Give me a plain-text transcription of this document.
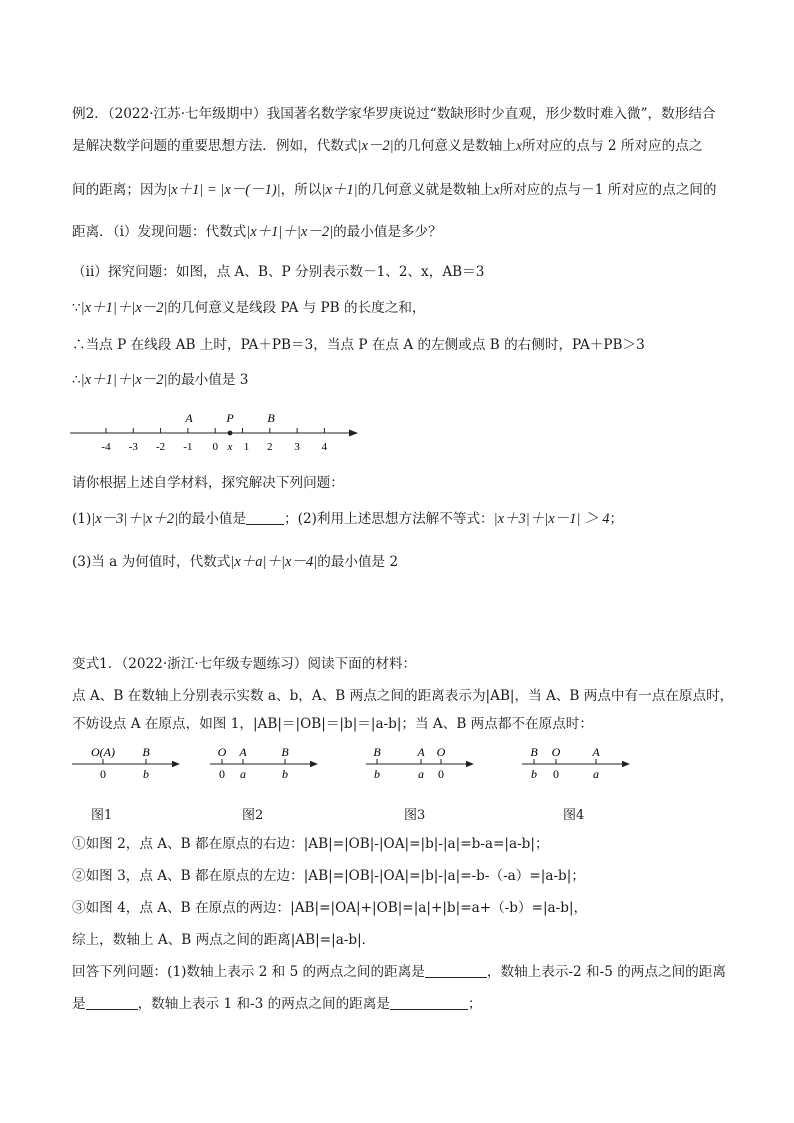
例2．（2022·江苏·七年级期中）我国著名数学家华罗庚说过“数缺形时少直观，形少数时难入微”，数形结合
是解决数学问题的重要思想方法．例如，代数式|x－2|的几何意义是数轴上x所对应的点与 2 所对应的点之
间的距离；因为|x＋1| = |x－(－1)|，所以|x＋1|的几何意义就是数轴上x所对应的点与－1 所对应的点之间的
距离．（ⅰ）发现问题：代数式|x＋1|＋|x－2|的最小值是多少？
（ⅱ）探究问题：如图，点 A、B、P 分别表示数－1、2、x，AB＝3
∵|x＋1|＋|x－2|的几何意义是线段 PA 与 PB 的长度之和，
∴当点 P 在线段 AB 上时，PA＋PB＝3，当点 P 在点 A 的左侧或点 B 的右侧时，PA＋PB＞3
∴|x＋1|＋|x－2|的最小值是 3
-4 -3 -2 -1 0 1 2 3 4
A	P	B
x
请你根据上述自学材料，探究解决下列问题：
(1)|x－3|＋|x＋2|的最小值是	；(2)利用上述思想方法解不等式：|x＋3|＋|x－1| ＞ 4；
(3)当 a 为何值时，代数式|x＋a|＋|x－4|的最小值是 2
变式1．（2022·浙江·七年级专题练习）阅读下面的材料：
点 A、B 在数轴上分别表示实数 a、b，A、B 两点之间的距离表示为|AB|，当 A、B 两点中有一点在原点时，
不妨设点 A 在原点，如图 1，|AB|＝|OB|＝|b|＝|a-b|；当 A、B 两点都不在原点时：
O(A) B
0	b
O A	B
0 a	b
B	A O
b	a 0
B O	A
b 0	a
图1	图2	图3	图4
①如图 2，点 A、B 都在原点的右边：|AB|=|OB|-|OA|=|b|-|a|=b-a=|a-b|；
②如图 3，点 A、B 都在原点的左边：|AB|=|OB|-|OA|=|b|-|a|=-b-（-a）=|a-b|；
③如图 4，点 A、B 在原点的两边：|AB|=|OA|+|OB|=|a|+|b|=a+（-b）=|a-b|，
综上，数轴上 A、B 两点之间的距离|AB|=|a-b|．
回答下列问题：(1)数轴上表示 2 和 5 的两点之间的距离是	，数轴上表示-2 和-5 的两点之间的距离
是	，数轴上表示 1 和-3 的两点之间的距离是	；
